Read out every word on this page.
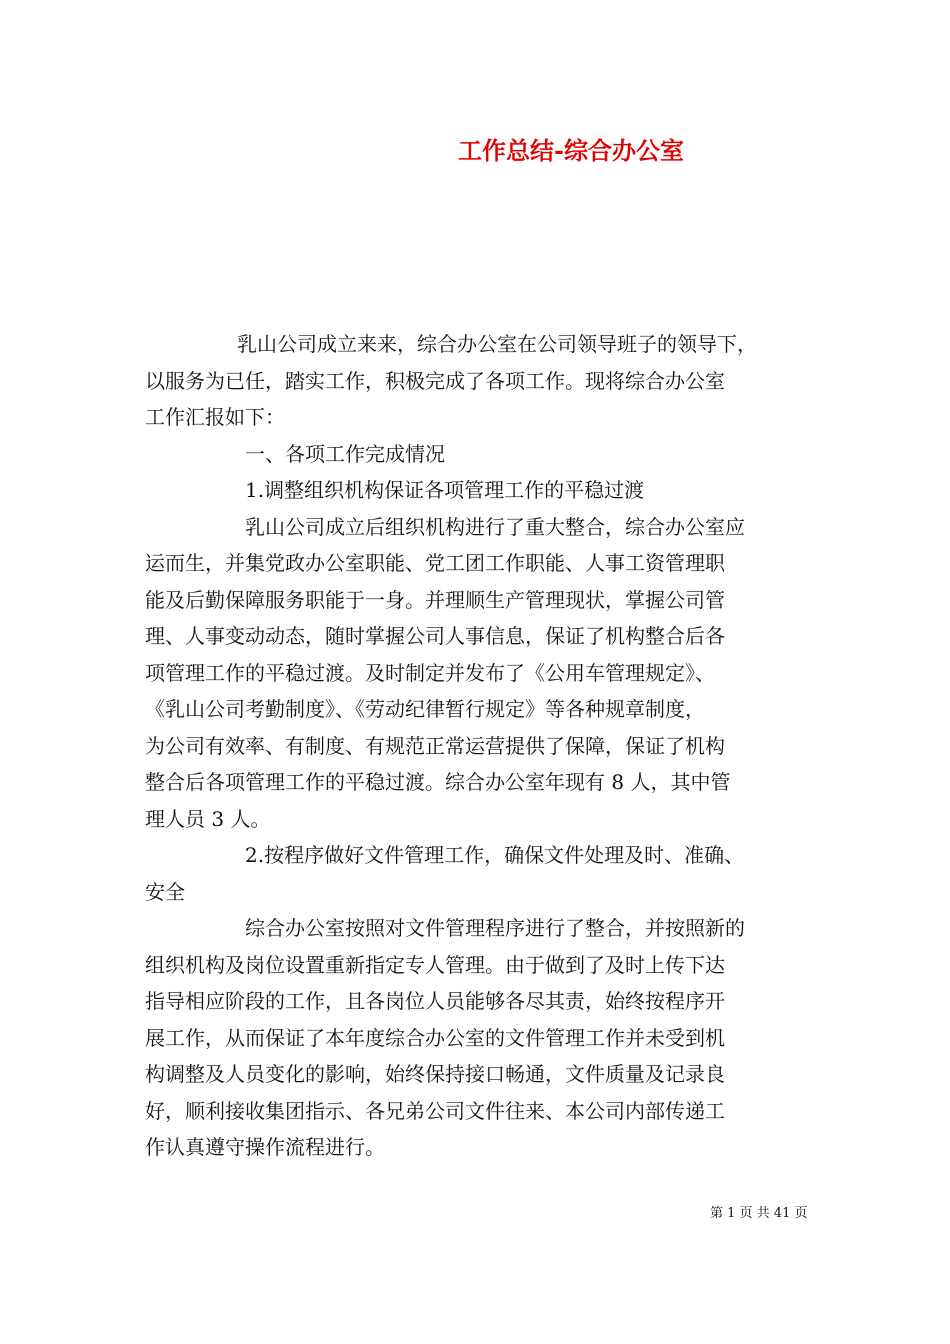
工作总结-综合办公室
乳山公司成立来来，综合办公室在公司领导班子的领导下，
以服务为已任，踏实工作，积极完成了各项工作。现将综合办公室
工作汇报如下：
一、各项工作完成情况
1.调整组织机构保证各项管理工作的平稳过渡
乳山公司成立后组织机构进行了重大整合，综合办公室应
运而生，并集党政办公室职能、党工团工作职能、人事工资管理职
能及后勤保障服务职能于一身。并理顺生产管理现状，掌握公司管
理、人事变动动态，随时掌握公司人事信息，保证了机构整合后各
项管理工作的平稳过渡。及时制定并发布了《公用车管理规定》、
《乳山公司考勤制度》、《劳动纪律暂行规定》等各种规章制度，
为公司有效率、有制度、有规范正常运营提供了保障，保证了机构
整合后各项管理工作的平稳过渡。综合办公室年现有 8 人，其中管
理人员 3 人。
2.按程序做好文件管理工作，确保文件处理及时、准确、
安全
综合办公室按照对文件管理程序进行了整合，并按照新的
组织机构及岗位设置重新指定专人管理。由于做到了及时上传下达
指导相应阶段的工作，且各岗位人员能够各尽其责，始终按程序开
展工作，从而保证了本年度综合办公室的文件管理工作并未受到机
构调整及人员变化的影响，始终保持接口畅通，文件质量及记录良
好，顺利接收集团指示、各兄弟公司文件往来、本公司内部传递工
作认真遵守操作流程进行。
第 1 页 共 41 页
